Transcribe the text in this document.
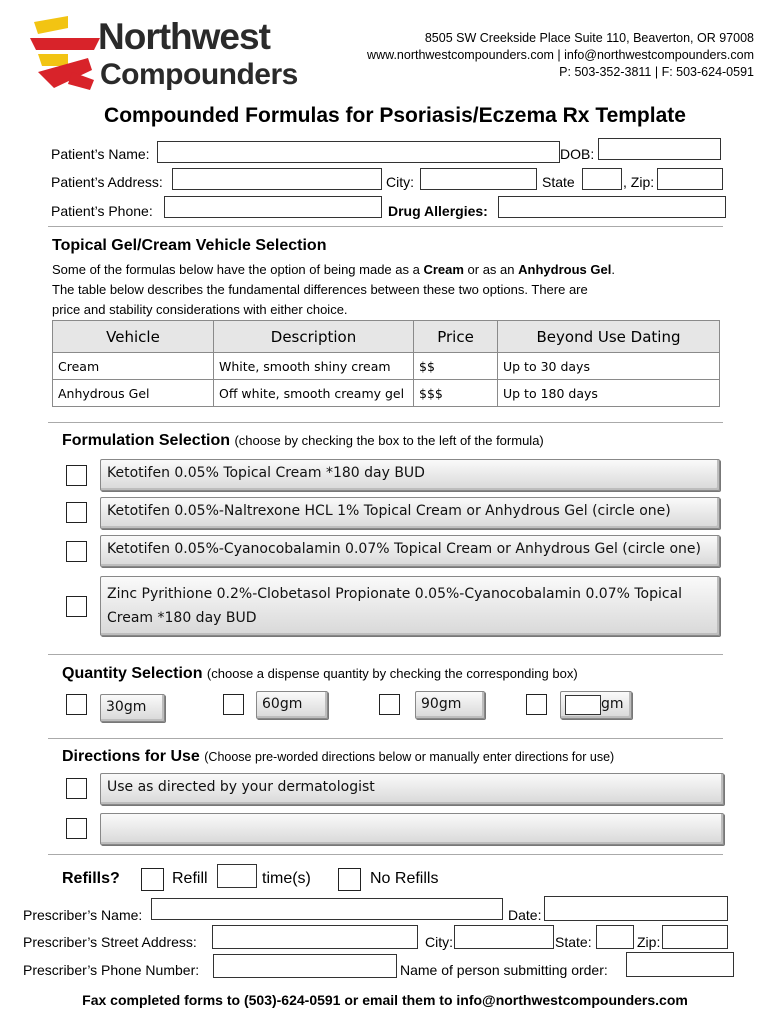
Northwest
Compounders
8505 SW Creekside Place Suite 110, Beaverton, OR 97008
www.northwestcompounders.com | info@northwestcompounders.com
P: 503-352-3811 | F: 503-624-0591
Compounded Formulas for Psoriasis/Eczema Rx Template
Patient’s Name:	DOB:
Patient’s Address:	City:	State	, Zip:
Patient’s Phone:	Drug Allergies:
Topical Gel/Cream Vehicle Selection
Some of the formulas below have the option of being made as a Cream or as an Anhydrous Gel.
The table below describes the fundamental differences between these two options. There are
price and stability considerations with either choice.
Vehicle	Description	Price	Beyond Use Dating
Cream	White, smooth shiny cream	$$	Up to 30 days
Anhydrous Gel	Off white, smooth creamy gel	$$$	Up to 180 days
Formulation Selection (choose by checking the box to the left of the formula)
Ketotifen 0.05% Topical Cream *180 day BUD
Ketotifen 0.05%-Naltrexone HCL 1% Topical Cream or Anhydrous Gel (circle one)
Ketotifen 0.05%-Cyanocobalamin 0.07% Topical Cream or Anhydrous Gel (circle one)
Zinc Pyrithione 0.2%-Clobetasol Propionate 0.05%-Cyanocobalamin 0.07% Topical Cream *180 day BUD
Quantity Selection (choose a dispense quantity by checking the corresponding box)
30gm	60gm	90gm	gm
Directions for Use (Choose pre-worded directions below or manually enter directions for use)
Use as directed by your dermatologist
Refills?	Refill	time(s)	No Refills
Prescriber’s Name:	Date:
Prescriber’s Street Address:	City:	State:	Zip:
Prescriber’s Phone Number:	Name of person submitting order:
Fax completed forms to (503)-624-0591 or email them to info@northwestcompounders.com
